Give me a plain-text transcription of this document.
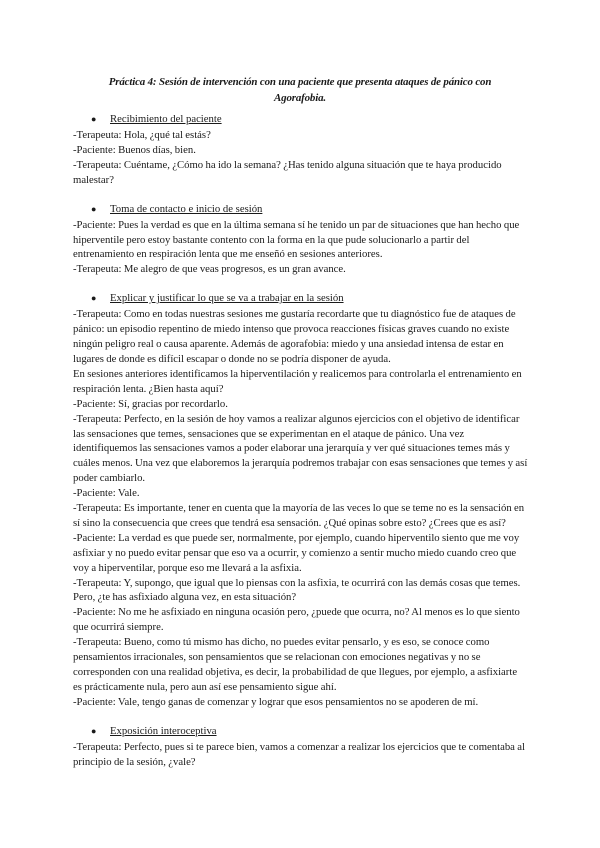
Práctica 4: Sesión de intervención con una paciente que presenta ataques de pánico con
Agorafobia.
● Recibimiento del paciente

-Terapeuta: Hola, ¿qué tal estás?

-Paciente: Buenos días, bien.

-Terapeuta: Cuéntame, ¿Cómo ha ido la semana? ¿Has tenido alguna situación que te haya producido malestar?

● Toma de contacto e inicio de sesión

-Paciente: Pues la verdad es que en la última semana sí he tenido un par de situaciones que han hecho que hiperventile pero estoy bastante contento con la forma en la que pude solucionarlo a partir del entrenamiento en respiración lenta que me enseñó en sesiones anteriores.

-Terapeuta: Me alegro de que veas progresos, es un gran avance.

● Explicar y justificar lo que se va a trabajar en la sesión

-Terapeuta: Como en todas nuestras sesiones me gustaría recordarte que tu diagnóstico fue de ataques de pánico: un episodio repentino de miedo intenso que provoca reacciones físicas graves cuando no existe ningún peligro real o causa aparente. Además de agorafobia: miedo y una ansiedad intensa de estar en lugares de donde es difícil escapar o donde no se podría disponer de ayuda.

En sesiones anteriores identificamos la hiperventilación y realicemos para controlarla el entrenamiento en respiración lenta. ¿Bien hasta aquí?

-Paciente: Sí, gracias por recordarlo.

-Terapeuta: Perfecto, en la sesión de hoy vamos a realizar algunos ejercicios con el objetivo de identificar las sensaciones que temes, sensaciones que se experimentan en el ataque de pánico. Una vez identifiquemos las sensaciones vamos a poder elaborar una jerarquía y ver qué situaciones temes más y cuáles menos. Una vez que elaboremos la jerarquía podremos trabajar con esas sensaciones que temes y así poder cambiarlo.

-Paciente: Vale.

-Terapeuta: Es importante, tener en cuenta que la mayoría de las veces lo que se teme no es la sensación en sí sino la consecuencia que crees que tendrá esa sensación. ¿Qué opinas sobre esto? ¿Crees que es así?

-Paciente: La verdad es que puede ser, normalmente, por ejemplo, cuando hiperventilo siento que me voy asfixiar y no puedo evitar pensar que eso va a ocurrir, y comienzo a sentir mucho miedo cuando creo que voy a hiperventilar, porque eso me llevará a la asfixia.

-Terapeuta: Y, supongo, que igual que lo piensas con la asfixia, te ocurrirá con las demás cosas que temes. Pero, ¿te has asfixiado alguna vez, en esta situación?

-Paciente: No me he asfixiado en ninguna ocasión pero, ¿puede que ocurra, no? Al menos es lo que siento que ocurrirá siempre.

-Terapeuta: Bueno, como tú mismo has dicho, no puedes evitar pensarlo, y es eso, se conoce como pensamientos irracionales, son pensamientos que se relacionan con emociones negativas y no se corresponden con una realidad objetiva, es decir, la probabilidad de que llegues, por ejemplo, a asfixiarte es prácticamente nula, pero aun así ese pensamiento sigue ahí.

-Paciente: Vale, tengo ganas de comenzar y lograr que esos pensamientos no se apoderen de mí.

● Exposición interoceptiva

-Terapeuta: Perfecto, pues si te parece bien, vamos a comenzar a realizar los ejercicios que te comentaba al principio de la sesión, ¿vale?
